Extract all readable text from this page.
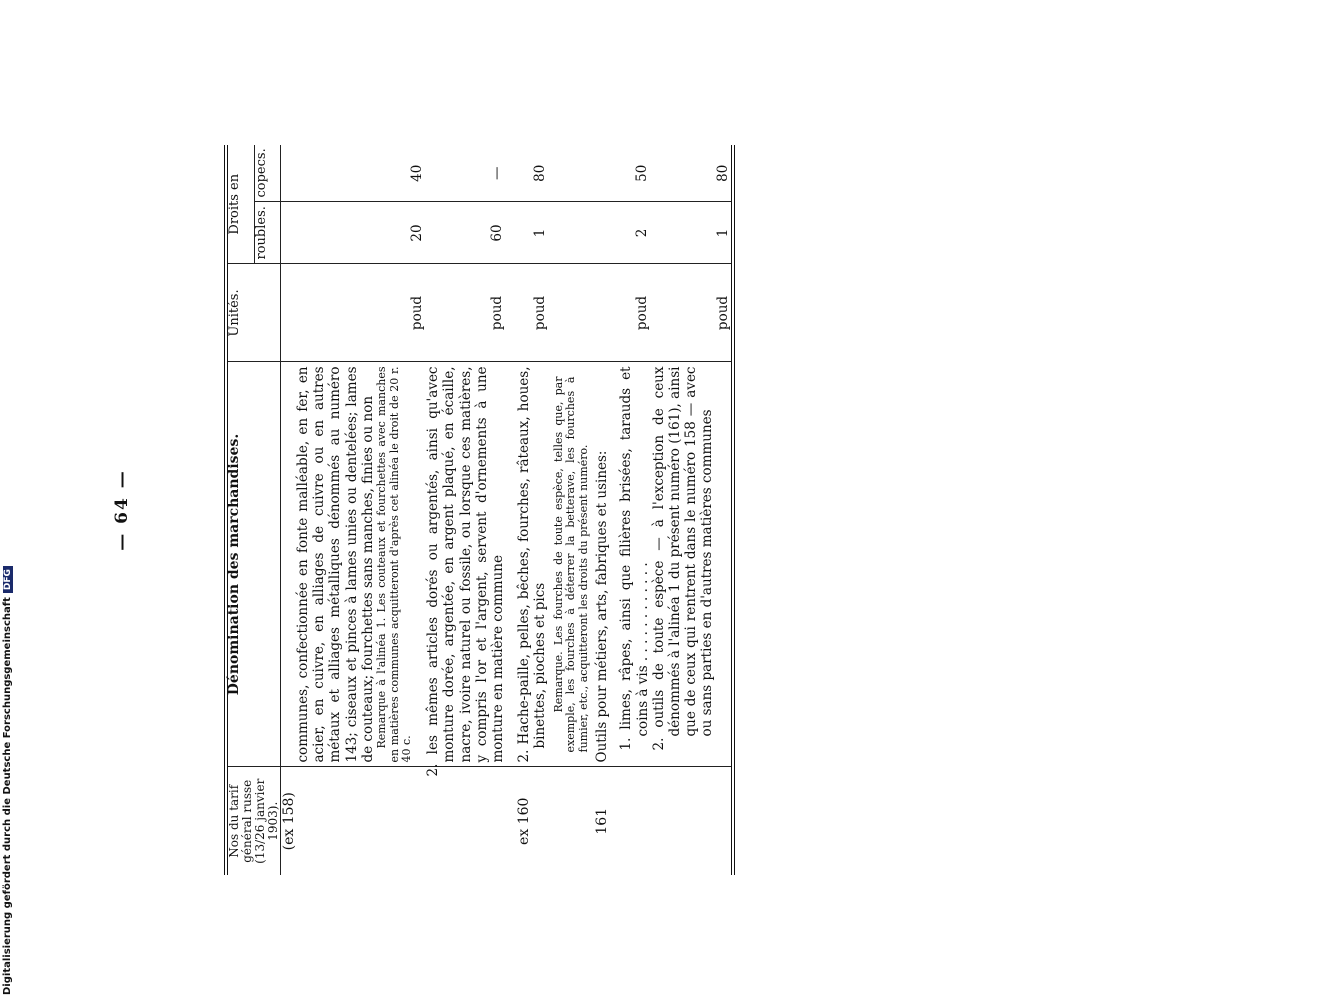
Digitalisierung gefördert durch die Deutsche ForschungsgemeinschaftDFG
— 64 —
Nos du tarif général russe (13/26 janvier 1903).	Dénomination des marchandises.	Unités.	Droits en	
			roubles.	copecs.
(ex 158)	communes, confectionnée en fonte malléable, en fer, en acier, en cuivre, en alliages de cuivre ou en autres métaux et alliages métalliques dénommés au numéro 143; ciseaux et pinces à lames unies ou dentelées; lames de couteaux; fourchettes sans manches, finies ou non Remarque à l'alinéa 1. Les couteaux et fourchettes avec manches en matières communes acquitteront d'après cet alinéa le droit de 20 r. 40 c.	poud	20	40

	2. les mêmes articles dorés ou argentés, ainsi qu'avec monture dorée, argentée, en argent plaqué, en écaille, nacre, ivoire naturel ou fossile, ou lorsque ces matières, y compris l'or et l'argent, servent d'ornements à une monture en matière commune	poud	60	—
ex 160	2. Hache-paille, pelles, bêches, fourches, râteaux, houes, binettes, pioches et pics Remarque. Les fourches de toute espèce, telles que, par exemple, les fourches à déterrer la betterave, les fourches à fumier, etc., acquitteront les droits du présent numéro.	poud	1	80
161	Outils pour métiers, arts, fabriques et usines:			

	1. limes, râpes, ainsi que filières brisées, tarauds et coins à vis . . . . . . . . . . . .	poud	2	50

	2. outils de toute espèce — à l'exception de ceux dénommés à l'alinéa 1 du présent numéro (161), ainsi que de ceux qui rentrent dans le numéro 158 — avec ou sans parties en d'autres matières communes	poud	1	80
